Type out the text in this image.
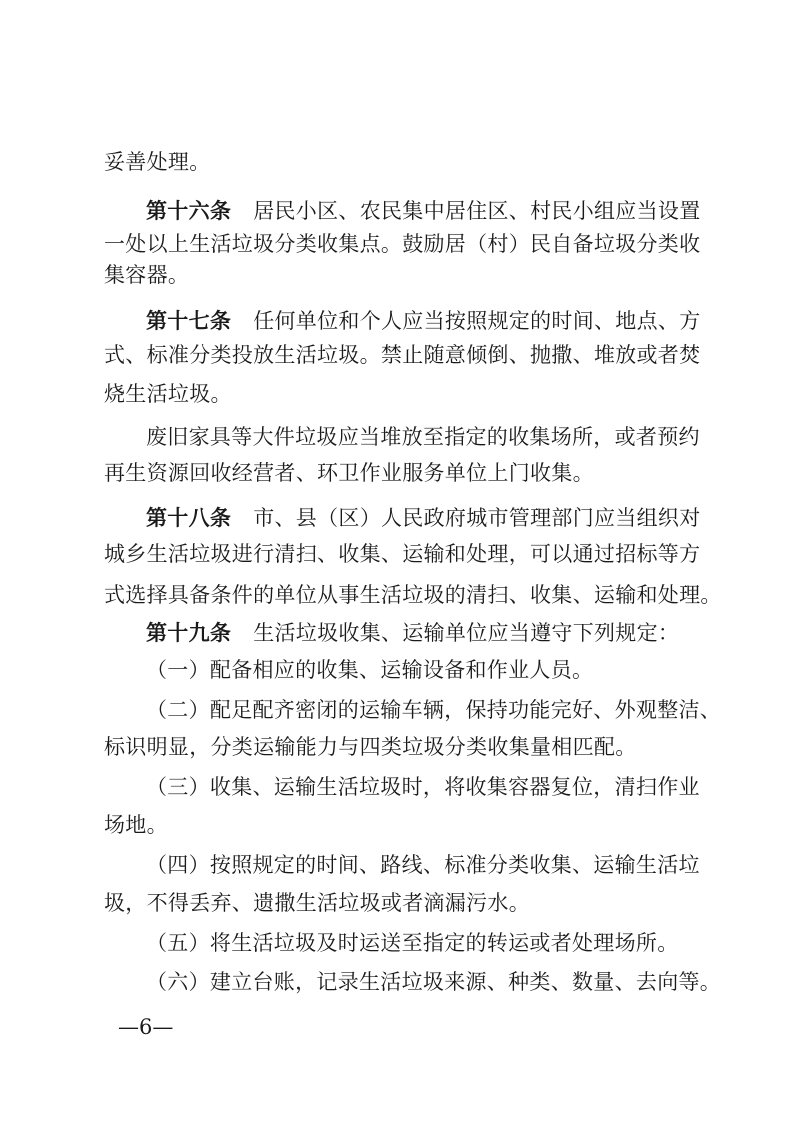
妥善处理。
第十六条 居民小区、农民集中居住区、村民小组应当设置
一处以上生活垃圾分类收集点。鼓励居（村）民自备垃圾分类收
集容器。
第十七条 任何单位和个人应当按照规定的时间、地点、方
式、标准分类投放生活垃圾。禁止随意倾倒、抛撒、堆放或者焚
烧生活垃圾。
废旧家具等大件垃圾应当堆放至指定的收集场所，或者预约
再生资源回收经营者、环卫作业服务单位上门收集。
第十八条 市、县（区）人民政府城市管理部门应当组织对
城乡生活垃圾进行清扫、收集、运输和处理，可以通过招标等方
式选择具备条件的单位从事生活垃圾的清扫、收集、运输和处理。
第十九条 生活垃圾收集、运输单位应当遵守下列规定：
（一）配备相应的收集、运输设备和作业人员。
（二）配足配齐密闭的运输车辆，保持功能完好、外观整洁、
标识明显，分类运输能力与四类垃圾分类收集量相匹配。
（三）收集、运输生活垃圾时，将收集容器复位，清扫作业
场地。
（四）按照规定的时间、路线、标准分类收集、运输生活垃
圾，不得丢弃、遗撒生活垃圾或者滴漏污水。
（五）将生活垃圾及时运送至指定的转运或者处理场所。
（六）建立台账，记录生活垃圾来源、种类、数量、去向等。
—6—
